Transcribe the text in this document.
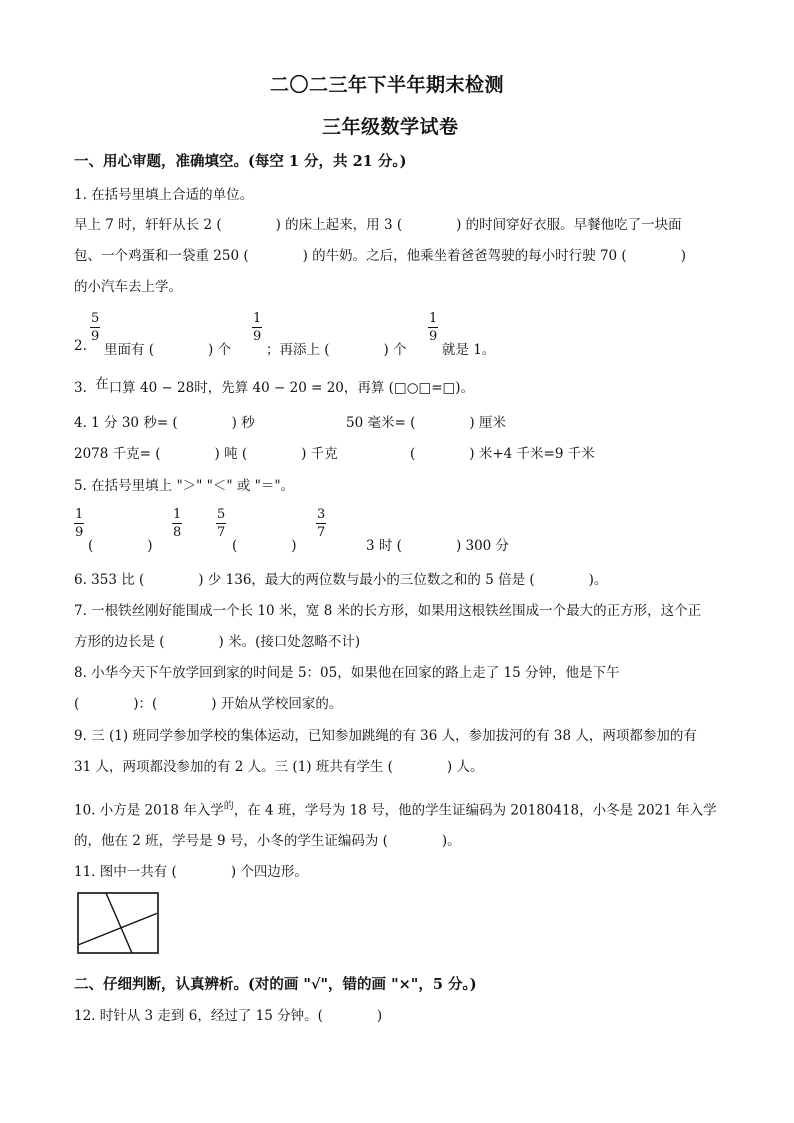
二〇二三年下半年期末检测
三年级数学试卷
一、用心审题，准确填空。(每空 1 分，共 21 分。)
1. 在括号里填上合适的单位。
早上 7 时，轩轩从长 2 (　　　　) 的床上起来，用 3 (　　　　) 的时间穿好衣服。早餐他吃了一块面
包、一个鸡蛋和一袋重 250 (　　　　) 的牛奶。之后，他乘坐着爸爸驾驶的每小时行驶 70 (　　　　)
的小汽车去上学。
2.
5
9
里面有 (　　　　) 个
1
9
；再添上 (　　　　) 个
1
9
就是 1。
3. 在口算 40 − 28时，先算 40 − 20 = 20，再算 (□○□=□)。
4. 1 分 30 秒= (　　　　) 秒	50 毫米= (　　　　) 厘米
2078 千克= (　　　　) 吨 (　　　　) 千克	(　　　　) 米+4 千米=9 千米
5. 在括号里填上 "＞" "＜" 或 "＝"。
1
9
(　　　　)
1
8
5
7
(　　　　)
3
7
3 时 (　　　　) 300 分
6. 353 比 (　　　　) 少 136，最大的两位数与最小的三位数之和的 5 倍是 (　　　　)。
7. 一根铁丝刚好能围成一个长 10 米，宽 8 米的长方形，如果用这根铁丝围成一个最大的正方形，这个正
方形的边长是 (　　　　) 米。(接口处忽略不计)
8. 小华今天下午放学回到家的时间是 5：05，如果他在回家的路上走了 15 分钟，他是下午
(　　　　)：(　　　　) 开始从学校回家的。
9. 三 (1) 班同学参加学校的集体运动，已知参加跳绳的有 36 人，参加拔河的有 38 人，两项都参加的有
31 人，两项都没参加的有 2 人。三 (1) 班共有学生 (　　　　) 人。
10. 小方是 2018 年入学$^的$，在 4 班，学号为 18 号，他的学生证编码为 20180418，小冬是 2021 年入学
的，他在 2 班，学号是 9 号，小冬的学生证编码为 (　　　　)。
11. 图中一共有 (　　　　) 个四边形。
二、仔细判断，认真辨析。(对的画 "√"，错的画 "×"，5 分。)
12. 时针从 3 走到 6，经过了 15 分钟。(　　　　)
